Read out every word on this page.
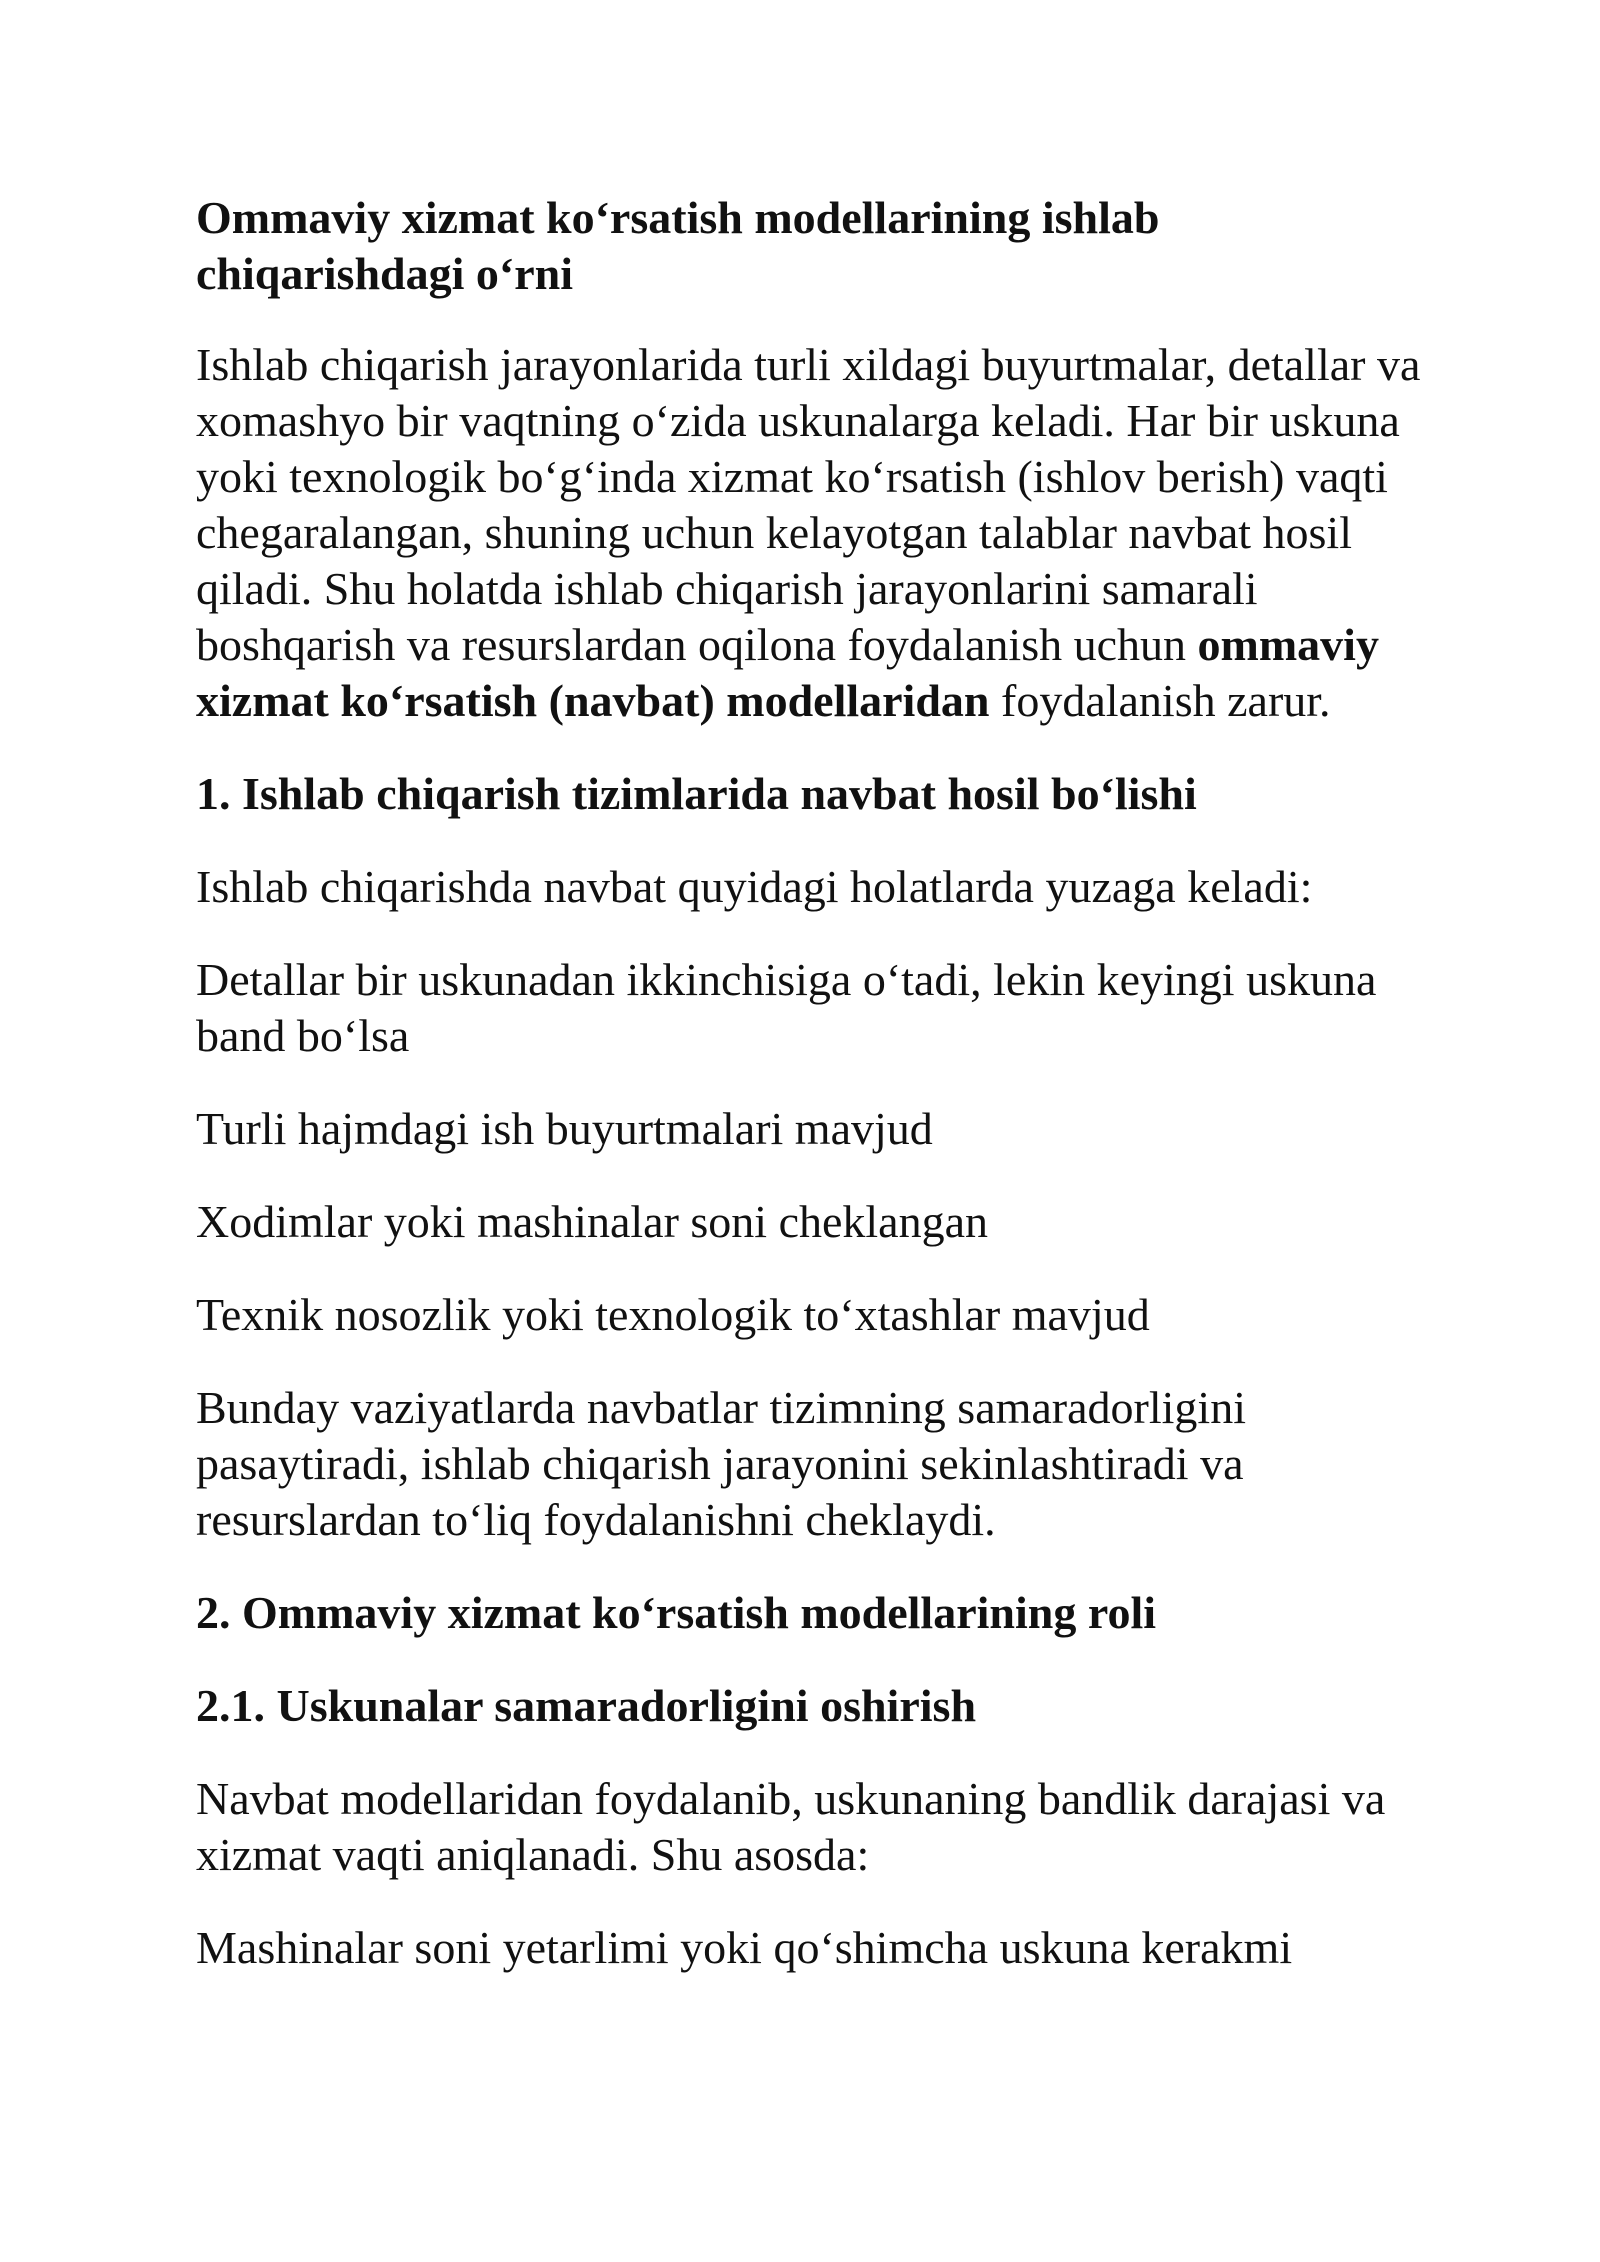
Ommaviy xizmat ko‘rsatish modellarining ishlab chiqarishdagi o‘rni

Ishlab chiqarish jarayonlarida turli xildagi buyurtmalar, detallar va xomashyo bir vaqtning o‘zida uskunalarga keladi. Har bir uskuna yoki texnologik bo‘g‘inda xizmat ko‘rsatish (ishlov berish) vaqti chegaralangan, shuning uchun kelayotgan talablar navbat hosil qiladi. Shu holatda ishlab chiqarish jarayonlarini samarali boshqarish va resurslardan oqilona foydalanish uchun ommaviy xizmat ko‘rsatish (navbat) modellaridan foydalanish zarur.

1. Ishlab chiqarish tizimlarida navbat hosil bo‘lishi

Ishlab chiqarishda navbat quyidagi holatlarda yuzaga keladi:

Detallar bir uskunadan ikkinchisiga o‘tadi, lekin keyingi uskuna band bo‘lsa

Turli hajmdagi ish buyurtmalari mavjud

Xodimlar yoki mashinalar soni cheklangan

Texnik nosozlik yoki texnologik to‘xtashlar mavjud

Bunday vaziyatlarda navbatlar tizimning samaradorligini pasaytiradi, ishlab chiqarish jarayonini sekinlashtiradi va resurslardan to‘liq foydalanishni cheklaydi.

2. Ommaviy xizmat ko‘rsatish modellarining roli
2.1. Uskunalar samaradorligini oshirish

Navbat modellaridan foydalanib, uskunaning bandlik darajasi va xizmat vaqti aniqlanadi. Shu asosda:

Mashinalar soni yetarlimi yoki qo‘shimcha uskuna kerakmi
